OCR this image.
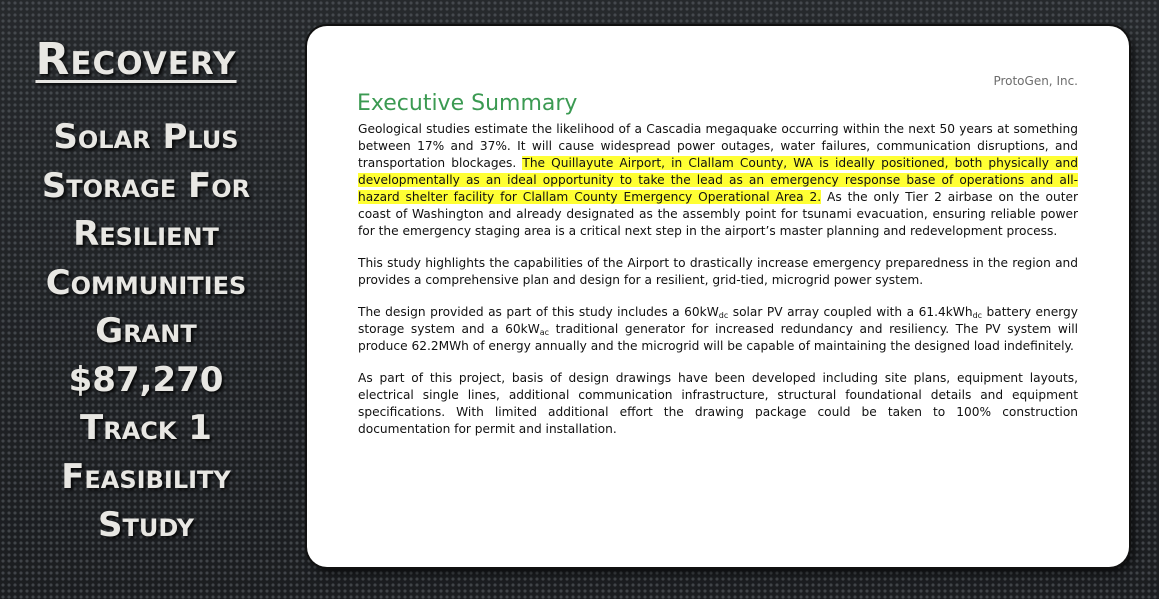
Recovery
Solar Plus
Storage For
Resilient
Communities
Grant
$87,270
Track 1
Feasibility
Study
ProtoGen, Inc.
Executive Summary

Geological studies estimate the likelihood of a Cascadia megaquake occurring within the next 50 years at something between 17% and 37%. It will cause widespread power outages, water failures, communication disruptions, and transportation blockages. The Quillayute Airport, in Clallam County, WA is ideally positioned, both physically and developmentally as an ideal opportunity to take the lead as an emergency response base of operations and all-hazard shelter facility for Clallam County Emergency Operational Area 2. As the only Tier 2 airbase on the outer coast of Washington and already designated as the assembly point for tsunami evacuation, ensuring reliable power for the emergency staging area is a critical next step in the airport’s master planning and redevelopment process.

This study highlights the capabilities of the Airport to drastically increase emergency preparedness in the region and provides a comprehensive plan and design for a resilient, grid-tied, microgrid power system.

The design provided as part of this study includes a $60kW_{dc}$ solar PV array coupled with a 61.4kWh$_{dc}$ battery energy storage system and a $60kW_{ac}$ traditional generator for increased redundancy and resiliency. The PV system will produce 62.2MWh of energy annually and the microgrid will be capable of maintaining the designed load indefinitely.

As part of this project, basis of design drawings have been developed including site plans, equipment layouts, electrical single lines, additional communication infrastructure, structural foundational details and equipment specifications. With limited additional effort the drawing package could be taken to 100% construction documentation for permit and installation.
